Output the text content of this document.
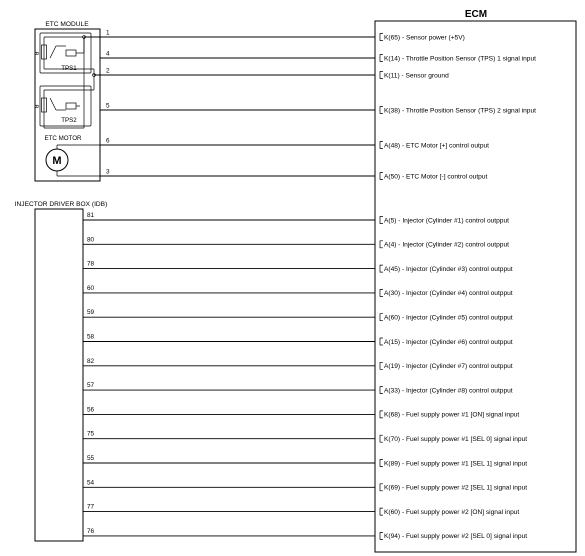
ECM
ETC MODULE
θ
TPS1
θ
TPS2
ETC MOTOR
M
INJECTOR DRIVER BOX (IDB)
1
K(65) - Sensor power (+5V)
4
K(14) - Throttle Position Sensor (TPS) 1 signal input
2
K(11) - Sensor ground
5
K(38) - Throttle Position Sensor (TPS) 2 signal input
6
A(48) - ETC Motor [+] control output
3
A(50) - ETC Motor [-] control output
81
A(5) - Injector (Cylinder #1) control outpput
80
A(4) - Injector (Cylinder #2) control outpput
78
A(45) - Injector (Cylinder #3) control outpput
60
A(30) - Injector (Cylinder #4) control outpput
59
A(60) - Injector (Cylinder #5) control outpput
58
A(15) - Injector (Cylinder #6) control outpput
82
A(19) - Injector (Cylinder #7) control outpput
57
A(33) - Injector (Cylinder #8) control outpput
56
K(68) - Fuel supply power #1 [ON] signal input
75
K(70) - Fuel supply power #1 [SEL 0] signal input
55
K(89) - Fuel supply power #1 [SEL 1] signal input
54
K(69) - Fuel supply power #2 [SEL 1] signal input
77
K(60) - Fuel supply power #2 [ON] signal input
76
K(94) - Fuel supply power #2 [SEL 0] signal input
